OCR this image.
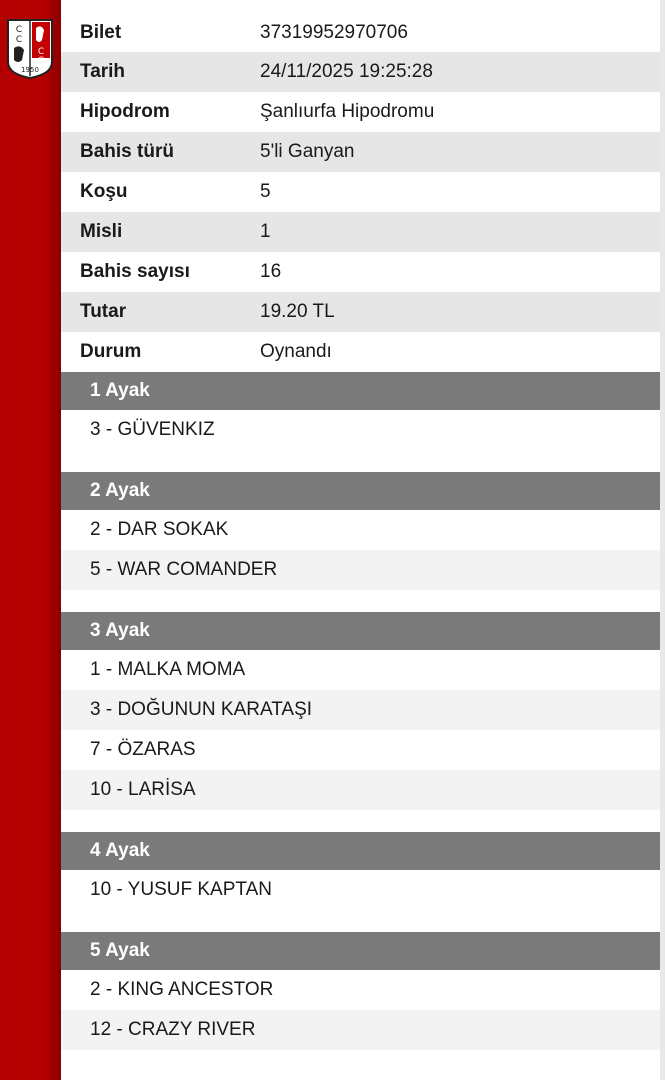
C
C
C
C
1950
Bilet	37319952970706
Tarih	24/11/2025 19:25:28
Hipodrom	Şanlıurfa Hipodromu
Bahis türü	5'li Ganyan
Koşu	5
Misli	1
Bahis sayısı	16
Tutar	19.20 TL
Durum	Oynandı
1 Ayak
3 - GÜVENKIZ
2 Ayak
2 - DAR SOKAK
5 - WAR COMANDER
3 Ayak
1 - MALKA MOMA
3 - DOĞUNUN KARATAŞI
7 - ÖZARAS
10 - LARİSA
4 Ayak
10 - YUSUF KAPTAN
5 Ayak
2 - KING ANCESTOR
12 - CRAZY RIVER
